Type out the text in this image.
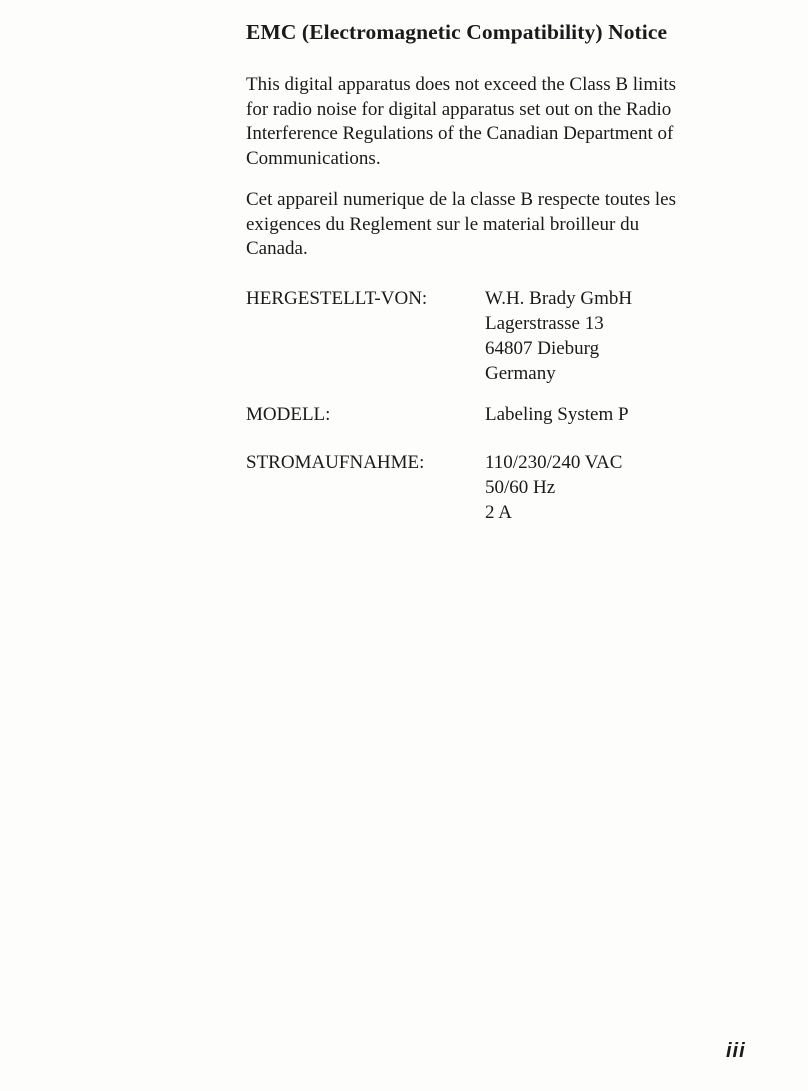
EMC (Electromagnetic Compatibility) Notice
This digital apparatus does not exceed the Class B limits
for radio noise for digital apparatus set out on the Radio
Interference Regulations of the Canadian Department of
Communications.
Cet appareil numerique de la classe B respecte toutes les
exigences du Reglement sur le material broilleur du
Canada.
HERGESTELLT-VON:	W.H. Brady GmbH
Lagerstrasse 13
64807 Dieburg
Germany
MODELL:	Labeling System P
STROMAUFNAHME:	110/230/240 VAC
50/60 Hz
2 A
iii
